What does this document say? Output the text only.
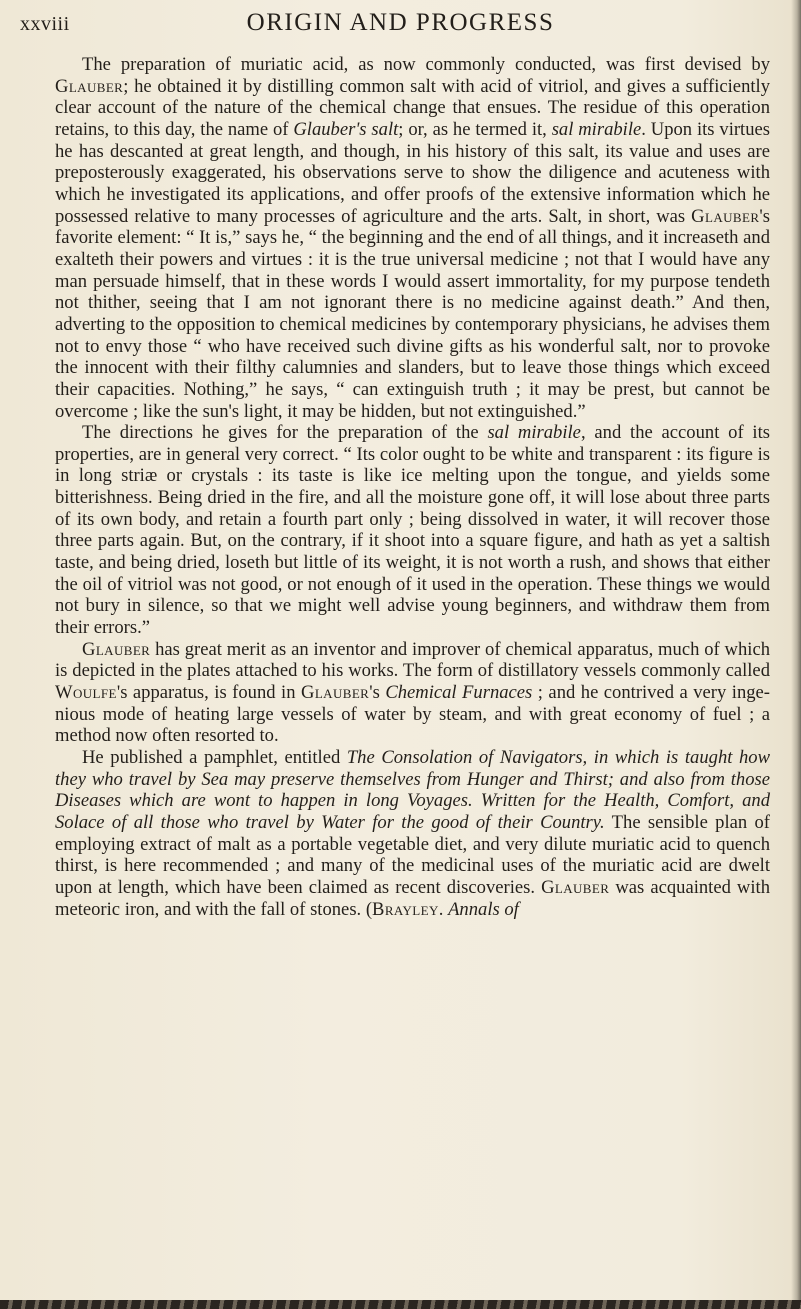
xxviii	ORIGIN AND PROGRESS

The preparation of muriatic acid, as now commonly conducted, was first devised by Glauber; he obtained it by distilling common salt with acid of vitriol, and gives a sufficiently clear account of the nature of the chemical change that ensues. The residue of this operation retains, to this day, the name of Glauber's salt; or, as he termed it, sal mirabile. Upon its virtues he has descanted at great length, and though, in his history of this salt, its value and uses are preposterously exaggerated, his observations serve to show the diligence and acuteness with which he investigated its applications, and offer proofs of the extensive information which he possessed relative to many processes of agriculture and the arts. Salt, in short, was Glauber's favorite element: “ It is,” says he, “ the beginning and the end of all things, and it increaseth and exalteth their powers and virtues : it is the true universal medicine ; not that I would have any man persuade himself, that in these words I would assert immortality, for my purpose tendeth not thither, seeing that I am not ignorant there is no medicine against death.” And then, adverting to the opposition to chemical medicines by contemporary physicians, he advises them not to envy those “ who have received such divine gifts as his wonderful salt, nor to provoke the innocent with their filthy calumnies and slanders, but to leave those things which exceed their capacities. Nothing,” he says, “ can extinguish truth ; it may be prest, but cannot be overcome ; like the sun's light, it may be hidden, but not extinguished.”

The directions he gives for the preparation of the sal mirabile, and the account of its properties, are in general very correct. “ Its color ought to be white and transparent : its figure is in long striæ or crystals : its taste is like ice melting upon the tongue, and yields some bitterishness. Being dried in the fire, and all the moisture gone off, it will lose about three parts of its own body, and retain a fourth part only ; being dissolved in water, it will recover those three parts again. But, on the contrary, if it shoot into a square figure, and hath as yet a saltish taste, and being dried, loseth but little of its weight, it is not worth a rush, and shows that either the oil of vitriol was not good, or not enough of it used in the operation. These things we would not bury in silence, so that we might well advise young beginners, and withdraw them from their errors.”

Glauber has great merit as an inventor and improver of chemical apparatus, much of which is depicted in the plates attached to his works. The form of distillatory vessels commonly called Woulfe's apparatus, is found in Glauber's Chemical Furnaces ; and he contrived a very ingenious mode of heating large vessels of water by steam, and with great economy of fuel ; a method now often resorted to.

He published a pamphlet, entitled The Consolation of Navigators, in which is taught how they who travel by Sea may preserve themselves from Hunger and Thirst; and also from those Diseases which are wont to happen in long Voyages. Written for the Health, Comfort, and Solace of all those who travel by Water for the good of their Country. The sensible plan of employing extract of malt as a portable vegetable diet, and very dilute muriatic acid to quench thirst, is here recommended ; and many of the medicinal uses of the muriatic acid are dwelt upon at length, which have been claimed as recent discoveries. Glauber was acquainted with meteoric iron, and with the fall of stones. (Brayley. Annals of
